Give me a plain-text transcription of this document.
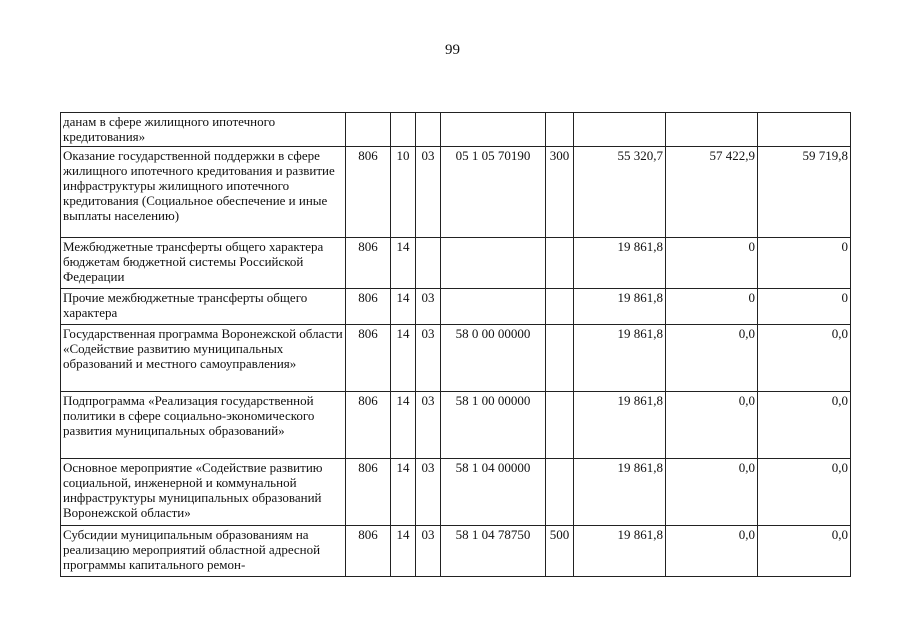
99
данам в сфере жилищного ипотечного кредитования»								
Оказание государственной поддержки в сфере жилищного ипотечного кредитования и развитие инфраструктуры жилищного ипотечного кредитования (Социальное обеспечение и иные выплаты населению)	806	10	03	05 1 05 70190	300	55 320,7	57 422,9	59 719,8
Межбюджетные трансферты общего характера бюджетам бюджетной системы Российской Федерации	806	14				19 861,8	0	0
Прочие межбюджетные трансферты общего характера	806	14	03			19 861,8	0	0
Государственная программа Воронежской области «Содействие развитию муниципальных образований и местного самоуправления»	806	14	03	58 0 00 00000		19 861,8	0,0	0,0
Подпрограмма «Реализация государственной политики в сфере социально-экономического развития муниципальных образований»	806	14	03	58 1 00 00000		19 861,8	0,0	0,0
Основное мероприятие «Содействие развитию социальной, инженерной и коммунальной инфраструктуры муниципальных образований Воронежской области»	806	14	03	58 1 04 00000		19 861,8	0,0	0,0
Субсидии муниципальным образованиям на реализацию мероприятий областной адресной программы капитального ремон-	806	14	03	58 1 04 78750	500	19 861,8	0,0	0,0
